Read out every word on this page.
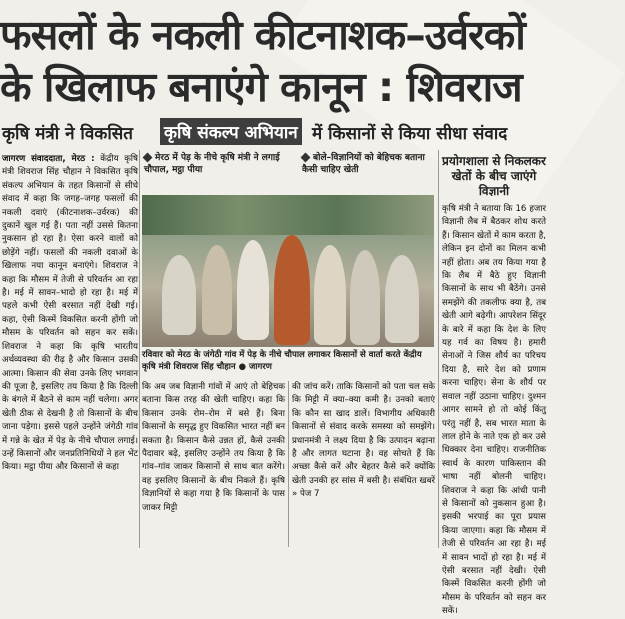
फसलों के नकली कीटनाशक–उर्वरकों
के खिलाफ बनाएंगे कानून : शिवराज
कृषि मंत्री ने विकसित कृषि संकल्प अभियान में किसानों से किया सीधा संवाद
जागरण संवाददाता, मेरठ : केंद्रीय कृषि मंत्री शिवराज सिंह चौहान ने विकसित कृषि संकल्प अभियान के तहत किसानों से सीधे संवाद में कहा कि जगह–जगह फसलों की नकली दवाएं (कीटनाशक–उर्वरक) की दुकानें खुल गई हैं। पता नहीं उससे कितना नुकसान हो रहा है। ऐसा करने वालों को छोड़ेंगे नहीं। फसलों की नकली दवाओं के खिलाफ नया कानून बनाएंगे। शिवराज ने कहा कि मौसम में तेजी से परिवर्तन आ रहा है। मई में सावन–भादो हो रहा है। मई में पहले कभी ऐसी बरसात नहीं देखी गई। कहा, ऐसी किस्में विकसित करनी होंगी जो मौसम के परिवर्तन को सहन कर सकें। शिवराज ने कहा कि कृषि भारतीय अर्थव्यवस्था की रीढ़ है और किसान उसकी आत्मा। किसान की सेवा उनके लिए भगवान की पूजा है, इसलिए तय किया है कि दिल्ली के बंगले में बैठने से काम नहीं चलेगा। अगर खेती ठीक से देखनी है तो किसानों के बीच जाना पड़ेगा। इससे पहले उन्होंने जंगेठी गांव में गन्ने के खेत में पेड़ के नीचे चौपाल लगाई। उन्हें किसानों और जनप्रतिनिधियों ने हल भेंट किया। मट्ठा पीया और किसानों से कहा
मेरठ में पेड़ के नीचे कृषि मंत्री ने लगाई चौपाल, मट्ठा पीया
बोले–विज्ञानियों को बेहिचक बताना कैसी चाहिए खेती
रविवार को मेरठ के जंगेठी गांव में पेड़ के नीचे चौपाल लगाकर किसानों से वार्ता करते केंद्रीय कृषि मंत्री शिवराज सिंह चौहान ● जागरण
कि अब जब विज्ञानी गांवों में आएं तो बेहिचक बताना किस तरह की खेती चाहिए। कहा कि किसान उनके रोम–रोम में बसे हैं। बिना किसानों के समृद्ध हुए विकसित भारत नहीं बन सकता है। किसान कैसे उन्नत हों, कैसे उनकी पैदावार बढ़े, इसलिए उन्होंने तय किया है कि गांव–गांव जाकर किसानों से साथ बात करेंगे। वह इसलिए किसानों के बीच निकले हैं। कृषि विज्ञानियों से कहा गया है कि किसानों के पास जाकर मिट्टी
की जांच करें। ताकि किसानों को पता चल सके कि मिट्टी में क्या–क्या कमी है। उनको बताएं कि कौन सा खाद डालें। विभागीय अधिकारी किसानों से संवाद करके समस्या को समझेंगे। प्रधानमंत्री ने लक्ष्य दिया है कि उत्पादन बढ़ाना है और लागत घटाना है। वह सोचते हैं कि अच्छा कैसे करें और बेहतर कैसे करें क्योंकि खेती उनकी हर सांस में बसी है। संबंधित खबरें » पेज 7
प्रयोगशाला से निकलकर खेतों के बीच जाएंगे विज्ञानी
कृषि मंत्री ने बताया कि 16 हजार विज्ञानी लैब में बैठकर शोध करते हैं। किसान खेतों में काम करता है, लेकिन इन दोनों का मिलन कभी नहीं होता। अब तय किया गया है कि लैब में बैठे हुए विज्ञानी किसानों के साथ भी बैठेंगे। उनसे समझेंगे की तकलीफ क्या है, तब खेती आगे बढ़ेगी। आपरेशन सिंदूर के बारे में कहा कि देश के लिए यह गर्व का विषय है। हमारी सेनाओं ने जिस शौर्य का परिचय दिया है, सारे देश को प्रणाम करना चाहिए। सेना के शौर्य पर सवाल नहीं उठाना चाहिए। दुश्मन आगर सामने हो तो कोई किंतु परंतु नहीं है, सब भारत माता के लाल होने के नाते एक हो कर उसे धिक्कार देना चाहिए। राजनीतिक स्वार्थ के कारण पाकिस्तान की भाषा नहीं बोलनी चाहिए। शिवराज ने कहा कि आंधी पानी से किसानों को नुकसान हुआ है। इसकी भरपाई का पूरा प्रयास किया जाएगा। कहा कि मौसम में तेजी से परिवर्तन आ रहा है। मई में सावन भादों हो रहा है। मई में ऐसी बरसात नहीं देखी। ऐसी किस्में विकसित करनी होंगी जो मौसम के परिवर्तन को सहन कर सकें।
